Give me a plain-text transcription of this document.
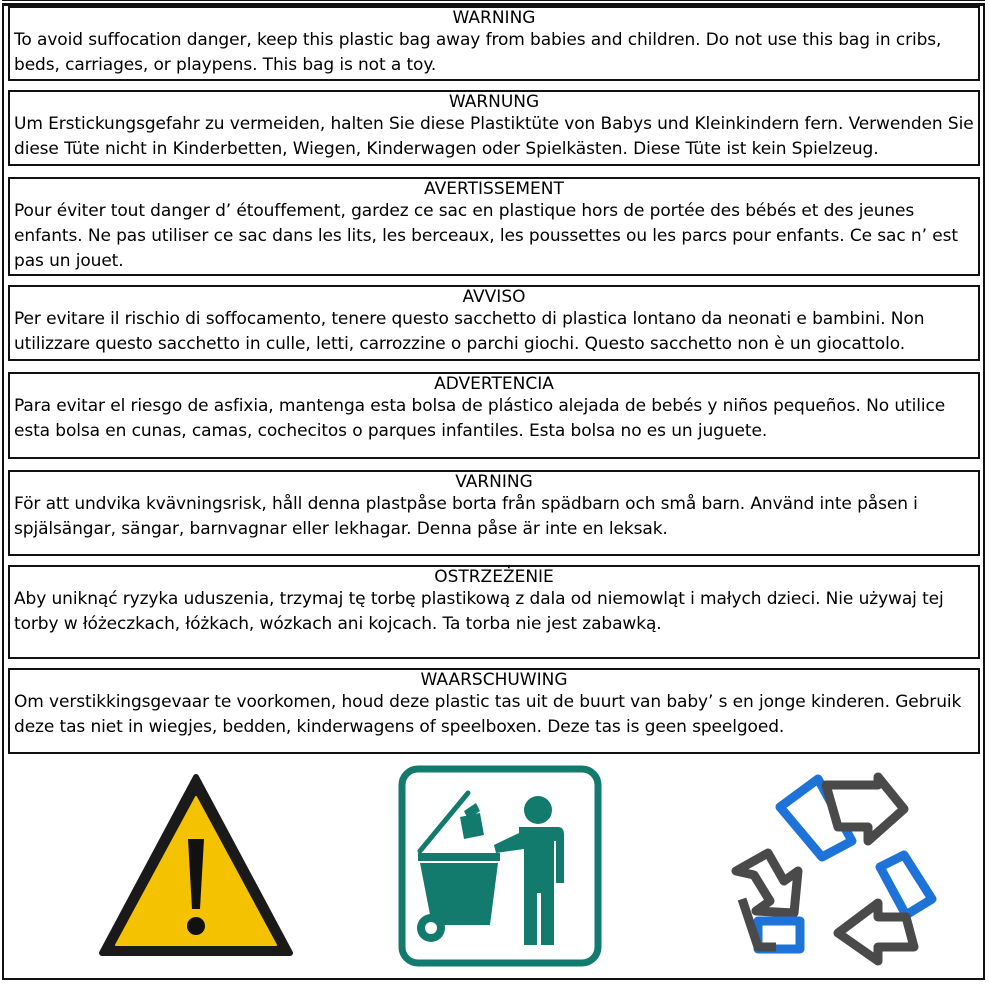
WARNING
To avoid suffocation danger, keep this plastic bag away from babies and children. Do not use this bag in cribs, beds, carriages, or playpens. This bag is not a toy.
WARNUNG
Um Erstickungsgefahr zu vermeiden, halten Sie diese Plastiktüte von Babys und Kleinkindern fern. Verwenden Sie diese Tüte nicht in Kinderbetten, Wiegen, Kinderwagen oder Spielkästen. Diese Tüte ist kein Spielzeug.
AVERTISSEMENT
Pour éviter tout danger d’ étouffement, gardez ce sac en plastique hors de portée des bébés et des jeunes enfants. Ne pas utiliser ce sac dans les lits, les berceaux, les poussettes ou les parcs pour enfants. Ce sac n’ est pas un jouet.
AVVISO
Per evitare il rischio di soffocamento, tenere questo sacchetto di plastica lontano da neonati e bambini. Non utilizzare questo sacchetto in culle, letti, carrozzine o parchi giochi. Questo sacchetto non è un giocattolo.
ADVERTENCIA
Para evitar el riesgo de asfixia, mantenga esta bolsa de plástico alejada de bebés y niños pequeños. No utilice esta bolsa en cunas, camas, cochecitos o parques infantiles. Esta bolsa no es un juguete.
VARNING
För att undvika kvävningsrisk, håll denna plastpåse borta från spädbarn och små barn. Använd inte påsen i spjälsängar, sängar, barnvagnar eller lekhagar. Denna påse är inte en leksak.
OSTRZEŻENIE
Aby uniknąć ryzyka uduszenia, trzymaj tę torbę plastikową z dala od niemowląt i małych dzieci. Nie używaj tej torby w łóżeczkach, łóżkach, wózkach ani kojcach. Ta torba nie jest zabawką.
WAARSCHUWING
Om verstikkingsgevaar te voorkomen, houd deze plastic tas uit de buurt van baby’ s en jonge kinderen. Gebruik deze tas niet in wiegjes, bedden, kinderwagens of speelboxen. Deze tas is geen speelgoed.
